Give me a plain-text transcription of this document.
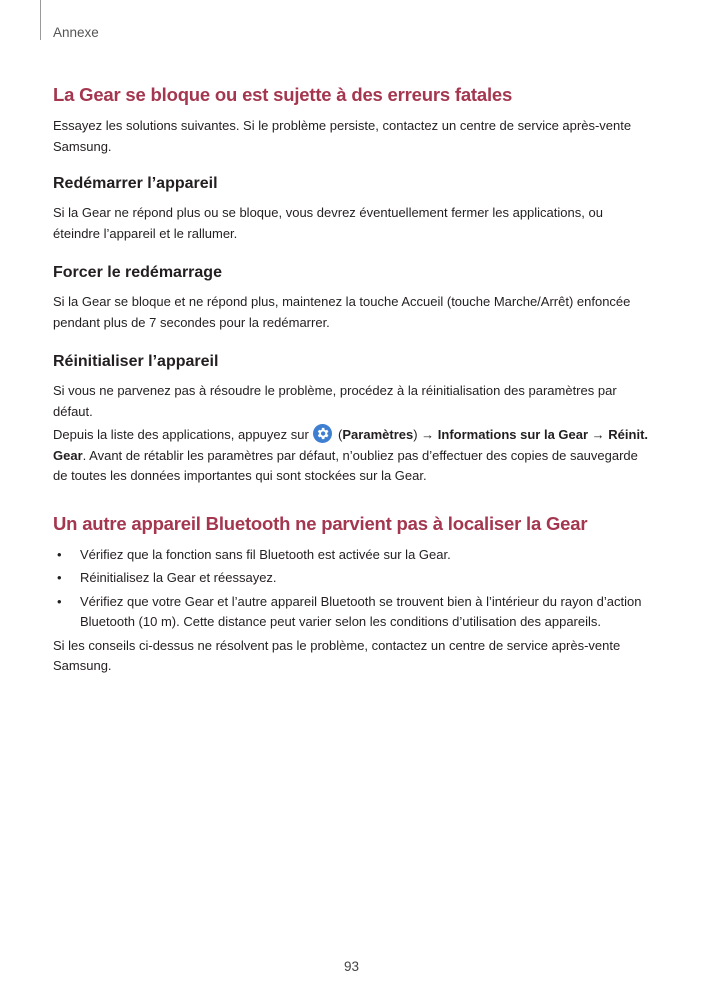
Annexe
La Gear se bloque ou est sujette à des erreurs fatales

Essayez les solutions suivantes. Si le problème persiste, contactez un centre de service après-vente Samsung.

Redémarrer l’appareil

Si la Gear ne répond plus ou se bloque, vous devrez éventuellement fermer les applications, ou éteindre l’appareil et le rallumer.

Forcer le redémarrage

Si la Gear se bloque et ne répond plus, maintenez la touche Accueil (touche Marche/Arrêt) enfoncée pendant plus de 7 secondes pour la redémarrer.

Réinitialiser l’appareil

Si vous ne parvenez pas à résoudre le problème, procédez à la réinitialisation des paramètres par défaut.

Depuis la liste des applications, appuyez sur
(Paramètres) → Informations sur la Gear → Réinit. Gear. Avant de rétablir les paramètres par défaut, n’oubliez pas d’effectuer des copies de sauvegarde de toutes les données importantes qui sont stockées sur la Gear.

Un autre appareil Bluetooth ne parvient pas à localiser la Gear
• Vérifiez que la fonction sans fil Bluetooth est activée sur la Gear.
• Réinitialisez la Gear et réessayez.
• Vérifiez que votre Gear et l’autre appareil Bluetooth se trouvent bien à l’intérieur du rayon d’action Bluetooth (10 m). Cette distance peut varier selon les conditions d’utilisation des appareils.

Si les conseils ci-dessus ne résolvent pas le problème, contactez un centre de service après-vente Samsung.

93
